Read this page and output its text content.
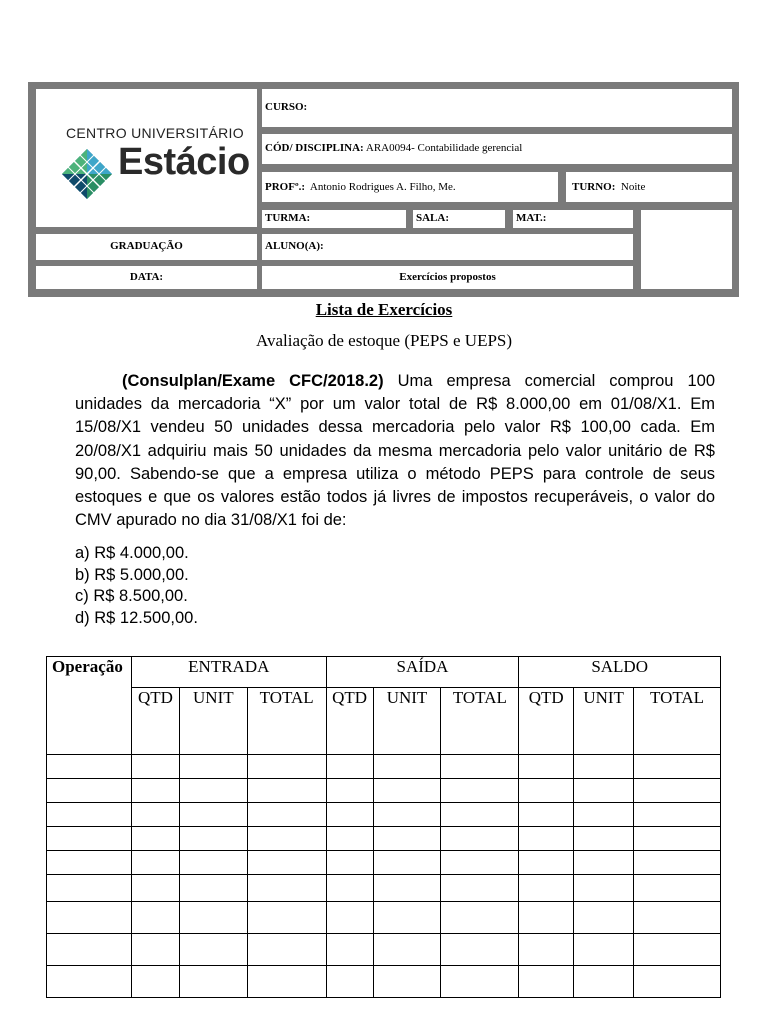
CENTRO UNIVERSITÁRIO
Estácio
CURSO:
CÓD/ DISCIPLINA: ARA0094- Contabilidade gerencial
PROFº.: Antonio Rodrigues A. Filho, Me.	TURNO: Noite
TURMA:	SALA:	MAT.:
GRADUAÇÃO	ALUNO(A):
DATA:	Exercícios propostos
Lista de Exercícios
Avaliação de estoque (PEPS e UEPS)
(Consulplan/Exame CFC/2018.2) Uma empresa comercial comprou 100 unidades da mercadoria “X” por um valor total de R$ 8.000,00 em 01/08/X1. Em 15/08/X1 vendeu 50 unidades dessa mercadoria pelo valor R$ 100,00 cada. Em 20/08/X1 adquiriu mais 50 unidades da mesma mercadoria pelo valor unitário de R$ 90,00. Sabendo-se que a empresa utiliza o método PEPS para controle de seus estoques e que os valores estão todos já livres de impostos recuperáveis, o valor do CMV apurado no dia 31/08/X1 foi de:
a) R$ 4.000,00.
b) R$ 5.000,00.
c) R$ 8.500,00.
d) R$ 12.500,00.
Operação	ENTRADA			SAÍDA			SALDO		
	QTD	UNIT	TOTAL	QTD	UNIT	TOTAL	QTD	UNIT	TOTAL
